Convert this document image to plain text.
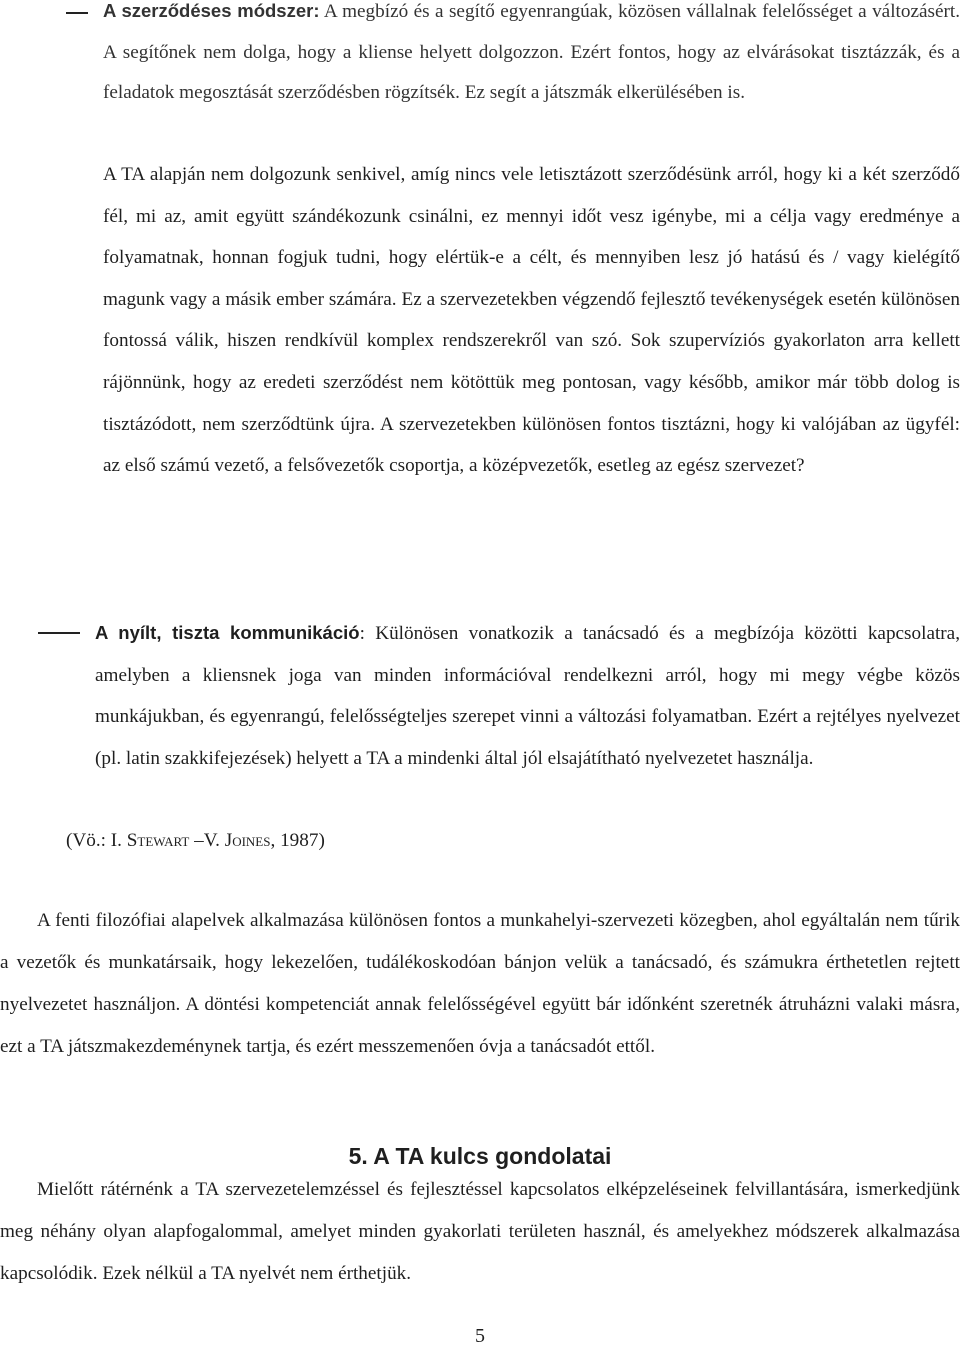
A szerződéses módszer: A megbízó és a segítő egyenrangúak, közösen vállalnak felelősséget a változásért. A segítőnek nem dolga, hogy a kliense helyett dolgozzon. Ezért fontos, hogy az elvárásokat tisztázzák, és a feladatok megosztását szerződésben rögzítsék. Ez segít a játszmák elkerülésében is.
A TA alapján nem dolgozunk senkivel, amíg nincs vele letisztázott szerződésünk arról, hogy ki a két szerződő fél, mi az, amit együtt szándékozunk csinálni, ez mennyi időt vesz igénybe, mi a célja vagy eredménye a folyamatnak, honnan fogjuk tudni, hogy elértük-e a célt, és mennyiben lesz jó hatású és / vagy kielégítő magunk vagy a másik ember számára. Ez a szervezetekben végzendő fejlesztő tevékenységek esetén különösen fontossá válik, hiszen rendkívül komplex rendszerekről van szó. Sok szupervíziós gyakorlaton arra kellett rájönnünk, hogy az eredeti szerződést nem kötöttük meg pontosan, vagy később, amikor már több dolog is tisztázódott, nem szerződtünk újra. A szervezetekben különösen fontos tisztázni, hogy ki valójában az ügyfél: az első számú vezető, a felsővezetők csoportja, a középvezetők, esetleg az egész szervezet?
A nyílt, tiszta kommunikáció: Különösen vonatkozik a tanácsadó és a megbízója közötti kapcsolatra, amelyben a kliensnek joga van minden információval rendelkezni arról, hogy mi megy végbe közös munkájukban, és egyenrangú, felelősségteljes szerepet vinni a változási folyamatban. Ezért a rejtélyes nyelvezet (pl. latin szakkifejezések) helyett a TA a mindenki által jól elsajátítható nyelvezetet használja.
(Vö.: I. Stewart –V. Joines, 1987)
A fenti filozófiai alapelvek alkalmazása különösen fontos a munkahelyi-szervezeti közegben, ahol egyáltalán nem tűrik a vezetők és munkatársaik, hogy lekezelően, tudálékoskodóan bánjon velük a tanácsadó, és számukra érthetetlen rejtett nyelvezetet használjon. A döntési kompetenciát annak felelősségével együtt bár időnként szeretnék átruházni valaki másra, ezt a TA játszmakezdeménynek tartja, és ezért messzemenően óvja a tanácsadót ettől.
5. A TA kulcs gondolatai
Mielőtt rátérnénk a TA szervezetelemzéssel és fejlesztéssel kapcsolatos elképzeléseinek felvillantására, ismerkedjünk meg néhány olyan alapfogalommal, amelyet minden gyakorlati területen használ, és amelyekhez módszerek alkalmazása kapcsolódik. Ezek nélkül a TA nyelvét nem érthetjük.
5
